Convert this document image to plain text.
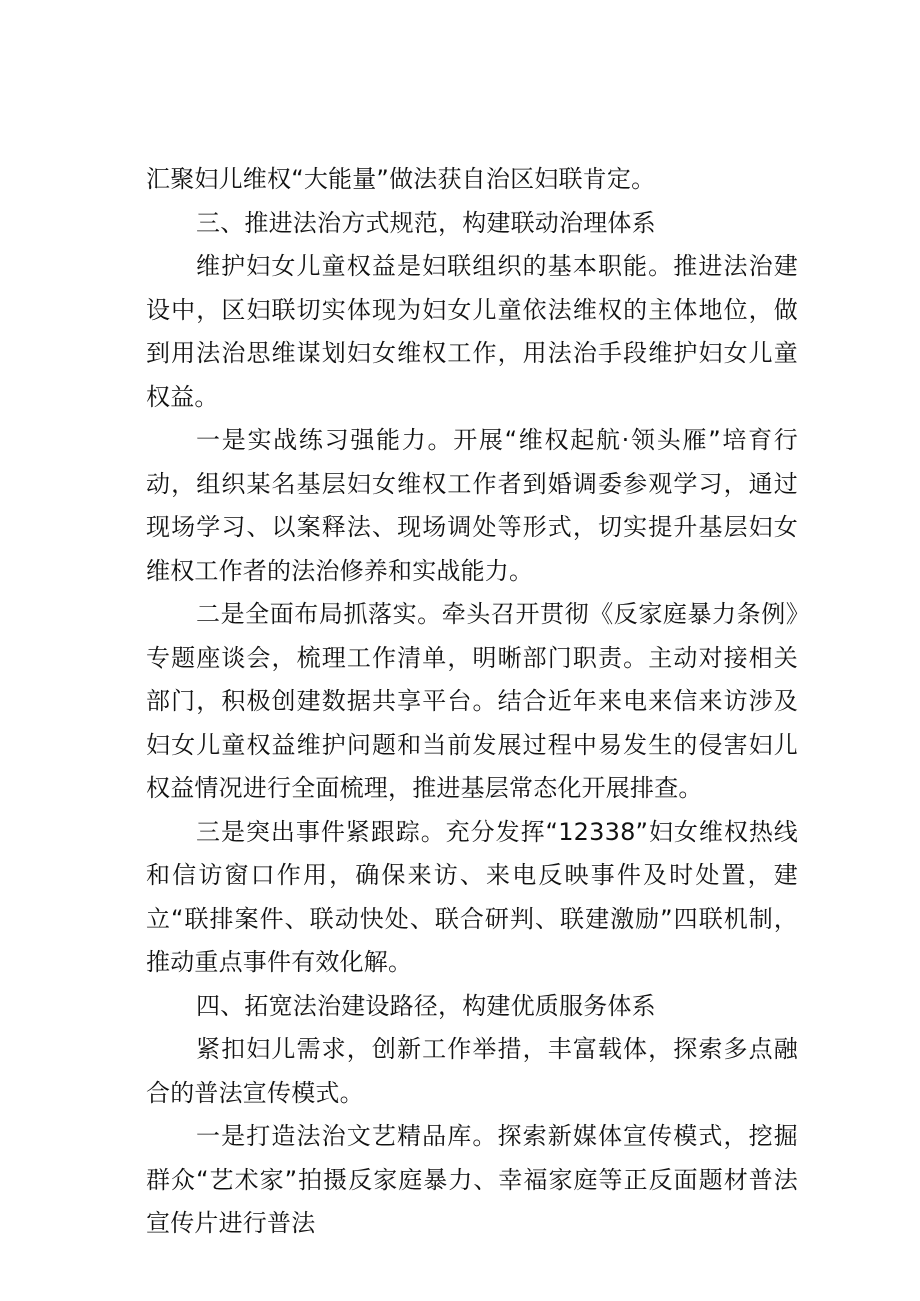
汇聚妇儿维权“大能量”做法获自治区妇联肯定。

三、推进法治方式规范，构建联动治理体系

维护妇女儿童权益是妇联组织的基本职能。推进法治建设中，区妇联切实体现为妇女儿童依法维权的主体地位，做到用法治思维谋划妇女维权工作，用法治手段维护妇女儿童权益。

一是实战练习强能力。开展“维权起航·领头雁”培育行动，组织某名基层妇女维权工作者到婚调委参观学习，通过现场学习、以案释法、现场调处等形式，切实提升基层妇女维权工作者的法治修养和实战能力。

二是全面布局抓落实。牵头召开贯彻《反家庭暴力条例》专题座谈会，梳理工作清单，明晰部门职责。主动对接相关部门，积极创建数据共享平台。结合近年来电来信来访涉及妇女儿童权益维护问题和当前发展过程中易发生的侵害妇儿权益情况进行全面梳理，推进基层常态化开展排查。

三是突出事件紧跟踪。充分发挥“12338”妇女维权热线和信访窗口作用，确保来访、来电反映事件及时处置，建立“联排案件、联动快处、联合研判、联建激励”四联机制，推动重点事件有效化解。

四、拓宽法治建设路径，构建优质服务体系

紧扣妇儿需求，创新工作举措，丰富载体，探索多点融合的普法宣传模式。

一是打造法治文艺精品库。探索新媒体宣传模式，挖掘群众“艺术家”拍摄反家庭暴力、幸福家庭等正反面题材普法宣传片进行普法
